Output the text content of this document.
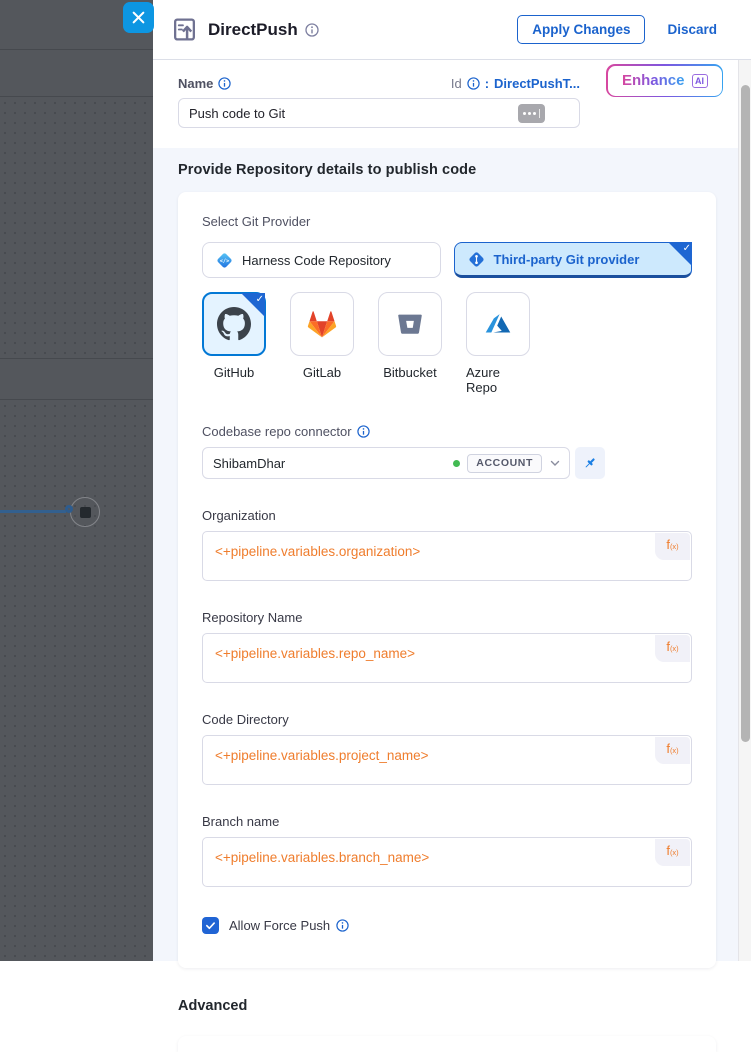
DirectPush	Apply Changes	Discard
Name	Id : DirectPushT...
Push code to Git
Enhance	AI
Provide Repository details to publish code
Select Git Provider
</> Harness Code Repository	Third-party Git provider
✓
✓
GitHub	GitLab	Bitbucket Azure Repo
Codebase repo connector
ShibamDhar	ACCOUNT
Organization
<+pipeline.variables.organization>	f (x)
Repository Name
<+pipeline.variables.repo_name>	f (x)
Code Directory
<+pipeline.variables.project_name>	f (x)
Branch name
<+pipeline.variables.branch_name>	f (x)
Allow Force Push
Advanced
